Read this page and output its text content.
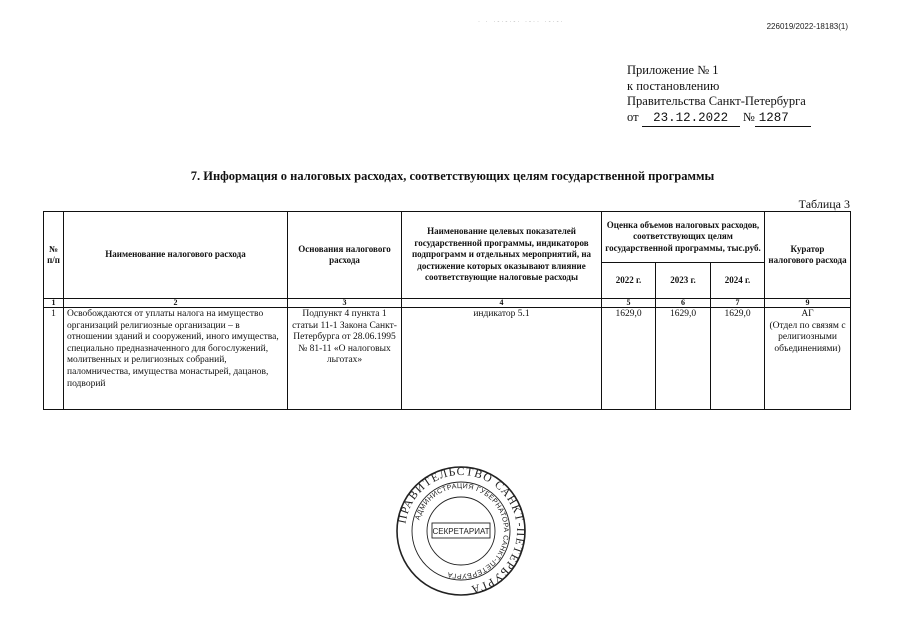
· · ·-·-·-· ·-·· ·-·-·	226019/2022-18183(1)
Приложение № 1
к постановлению
Правительства Санкт-Петербурга
от 23.12.2022 № 1287
7. Информация о налоговых расходах, соответствующих целям государственной программы
Таблица 3
№ п/п	Наименование налогового расхода	Основания налогового расхода	Наименование целевых показателей государственной программы, индикаторов подпрограмм и отдельных мероприятий, на достижение которых оказывают влияние соответствующие налоговые расходы	Оценка объемов налоговых расходов, соответствующих целям государственной программы, тыс.руб.			Куратор налогового расхода
				2022 г.	2023 г.	2024 г.	
1	2	3	4	5	6	7	9
1	Освобождаются от уплаты налога на имущество организаций религиозные организации – в отношении зданий и сооружений, иного имущества, специально предназначенного для богослужений, молитвенных и религиозных собраний, паломничества, имущества монастырей, дацанов, подворий	Подпункт 4 пункта 1 статьи 11-1 Закона Санкт-Петербурга от 28.06.1995 № 81-11 «О налоговых льготах»	индикатор 5.1	1629,0	1629,0	1629,0	АГ
(Отдел по связям с религиозными объединениями)
ПРАВИТЕЛЬСТВО САНКТ-ПЕТЕРБУРГА
АДМИНИСТРАЦИЯ ГУБЕРНАТОРА САНКТ-ПЕТЕРБУРГА
СЕКРЕТАРИАТ
